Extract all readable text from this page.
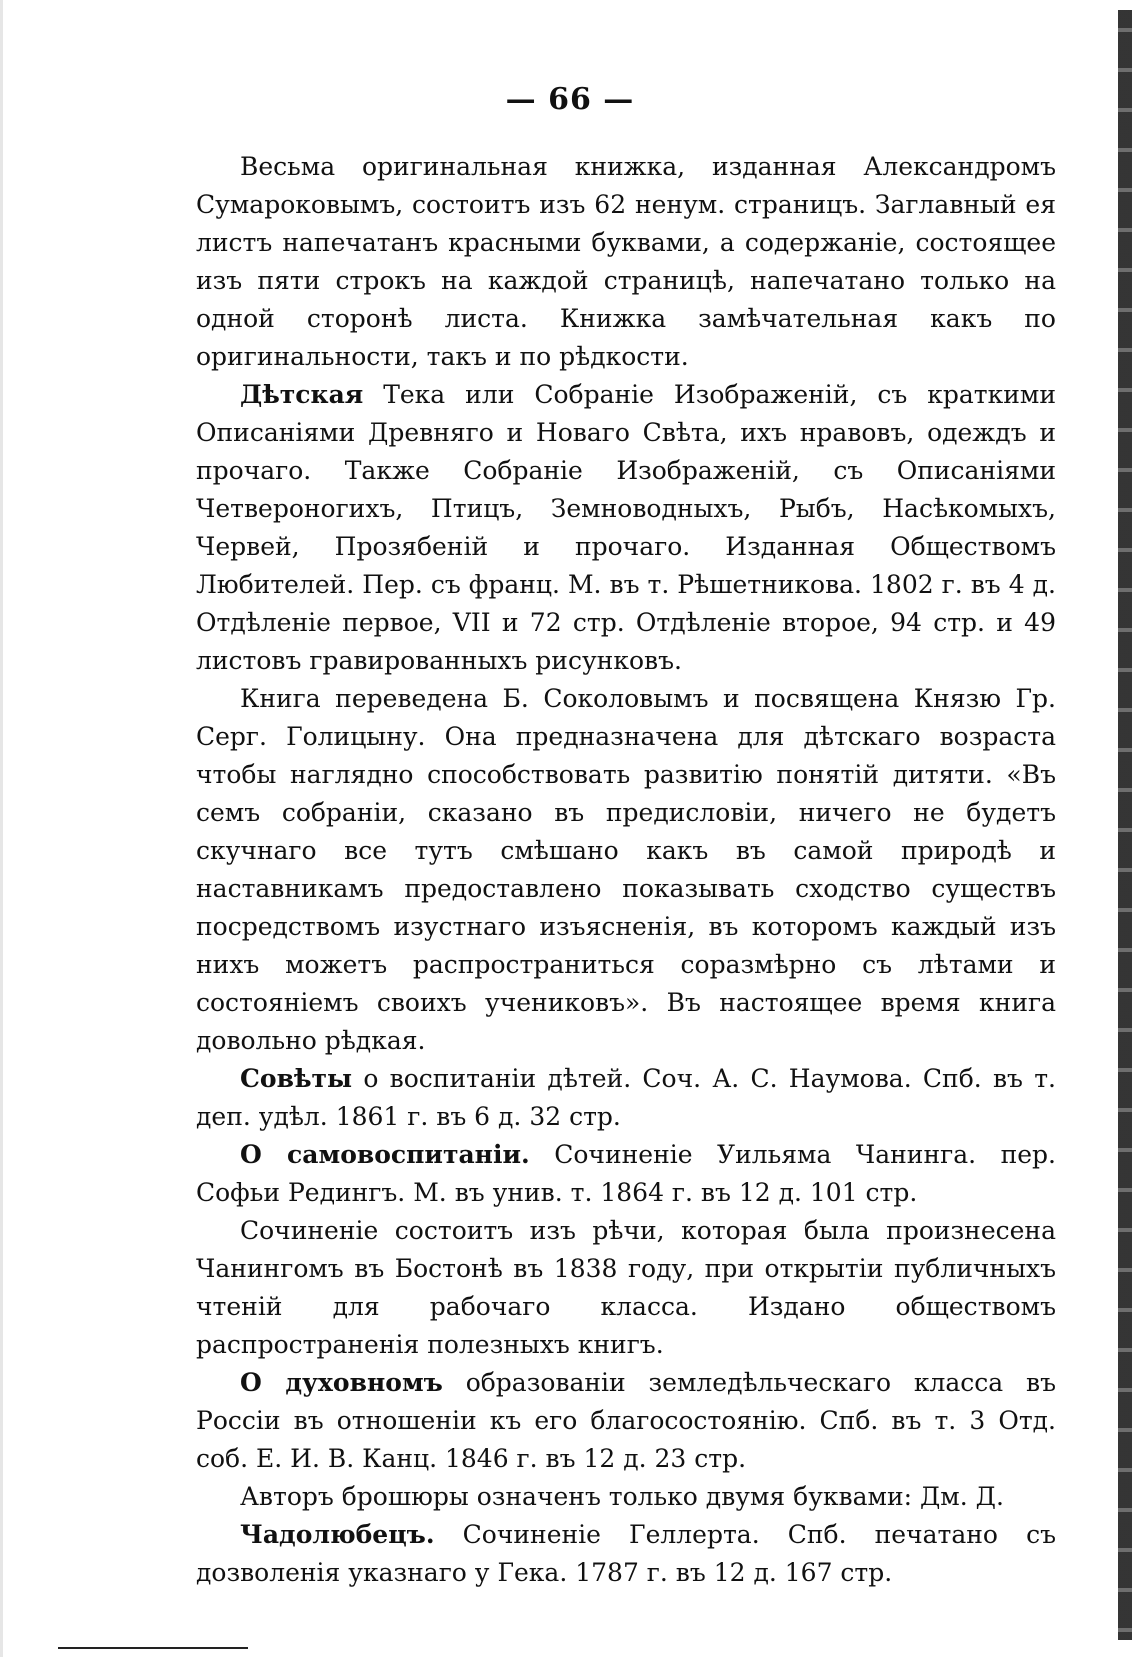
— 66 —

Весьма оригинальная книжка, изданная Александромъ Сумароковымъ, состоитъ изъ 62 ненум. страницъ. Заглавный ея листъ напечатанъ красными буквами, а содержаніе, состоящее изъ пяти строкъ на каждой страницѣ, напечатано только на одной сторонѣ листа. Книжка замѣчательная какъ по оригинальности, такъ и по рѣдкости.

Дѣтская Тека или Собраніе Изображеній, съ краткими Описаніями Древняго и Новаго Свѣта, ихъ нравовъ, одеждъ и прочаго. Также Собраніе Изображеній, съ Описаніями Четвероногихъ, Птицъ, Земноводныхъ, Рыбъ, Насѣкомыхъ, Червей, Прозябеній и прочаго. Изданная Обществомъ Любителей. Пер. съ франц. М. въ т. Рѣшетникова. 1802 г. въ 4 д. Отдѣленіе первое, VII и 72 стр. Отдѣленіе второе, 94 стр. и 49 листовъ гравированныхъ рисунковъ.

Книга переведена Б. Соколовымъ и посвящена Князю Гр. Серг. Голицыну. Она предназначена для дѣтскаго возраста чтобы наглядно способствовать развитію понятій дитяти. «Въ семъ собраніи, сказано въ предисловіи, ничего не будетъ скучнаго все тутъ смѣшано какъ въ самой природѣ и наставникамъ предоставлено показывать сходство существъ посредствомъ изустнаго изъясненія, въ которомъ каждый изъ нихъ можетъ распространиться соразмѣрно съ лѣтами и состояніемъ своихъ учениковъ». Въ настоящее время книга довольно рѣдкая.

Совѣты о воспитаніи дѣтей. Соч. А. С. Наумова. Спб. въ т. деп. удѣл. 1861 г. въ 6 д. 32 стр.

О самовоспитаніи. Сочиненіе Уильяма Чанинга. пер. Софьи Редингъ. М. въ унив. т. 1864 г. въ 12 д. 101 стр.

Сочиненіе состоитъ изъ рѣчи, которая была произнесена Чанингомъ въ Бостонѣ въ 1838 году, при открытіи публичныхъ чтеній для рабочаго класса. Издано обществомъ распространенія полезныхъ книгъ.

О духовномъ образованіи земледѣльческаго класса въ Россіи въ отношеніи къ его благосостоянію. Спб. въ т. 3 Отд. соб. Е. И. В. Канц. 1846 г. въ 12 д. 23 стр.

Авторъ брошюры означенъ только двумя буквами: Дм. Д.

Чадолюбецъ. Сочиненіе Геллерта. Спб. печатано съ дозволенія указнаго у Гека. 1787 г. въ 12 д. 167 стр.
